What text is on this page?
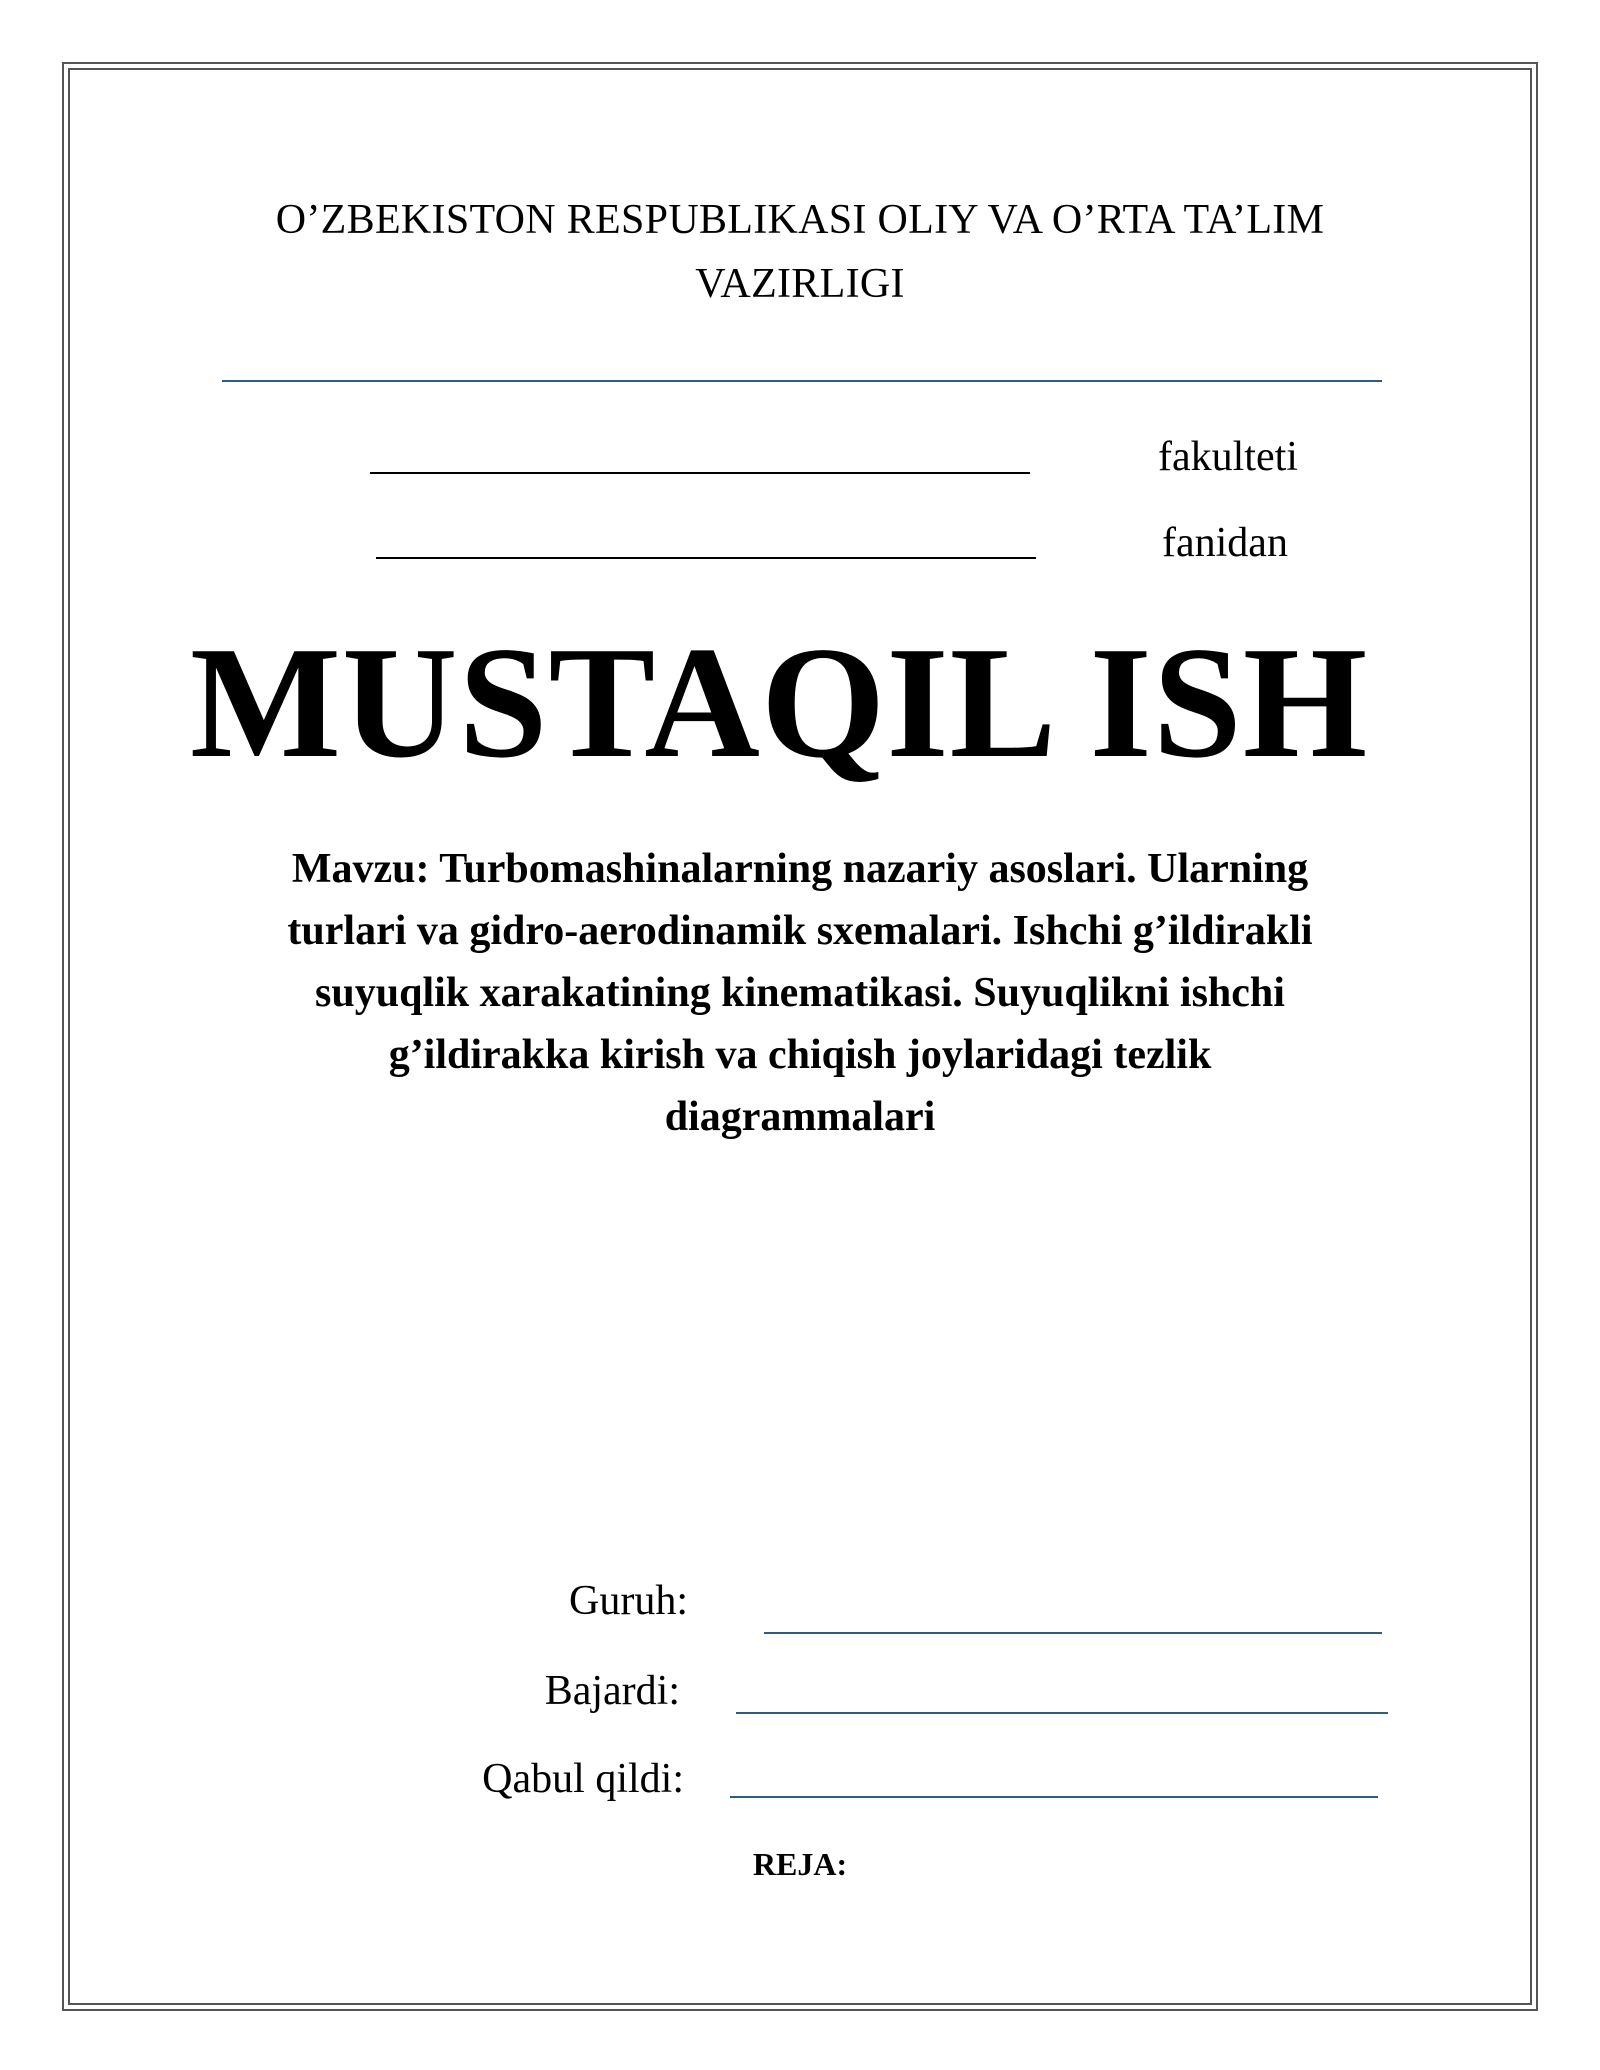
O’ZBEKISTON RESPUBLIKASI OLIY VA O’RTA TA’LIM
VAZIRLIGI
fakulteti
fanidan
MUSTAQIL ISH
Mavzu: Turbomashinalarning nazariy asoslari. Ularning
turlari va gidro-aerodinamik sxemalari. Ishchi g’ildirakli
suyuqlik xarakatining kinematikasi. Suyuqlikni ishchi
g’ildirakka kirish va chiqish joylaridagi tezlik
diagrammalari
Guruh:
Bajardi:
Qabul qildi:
REJA:
